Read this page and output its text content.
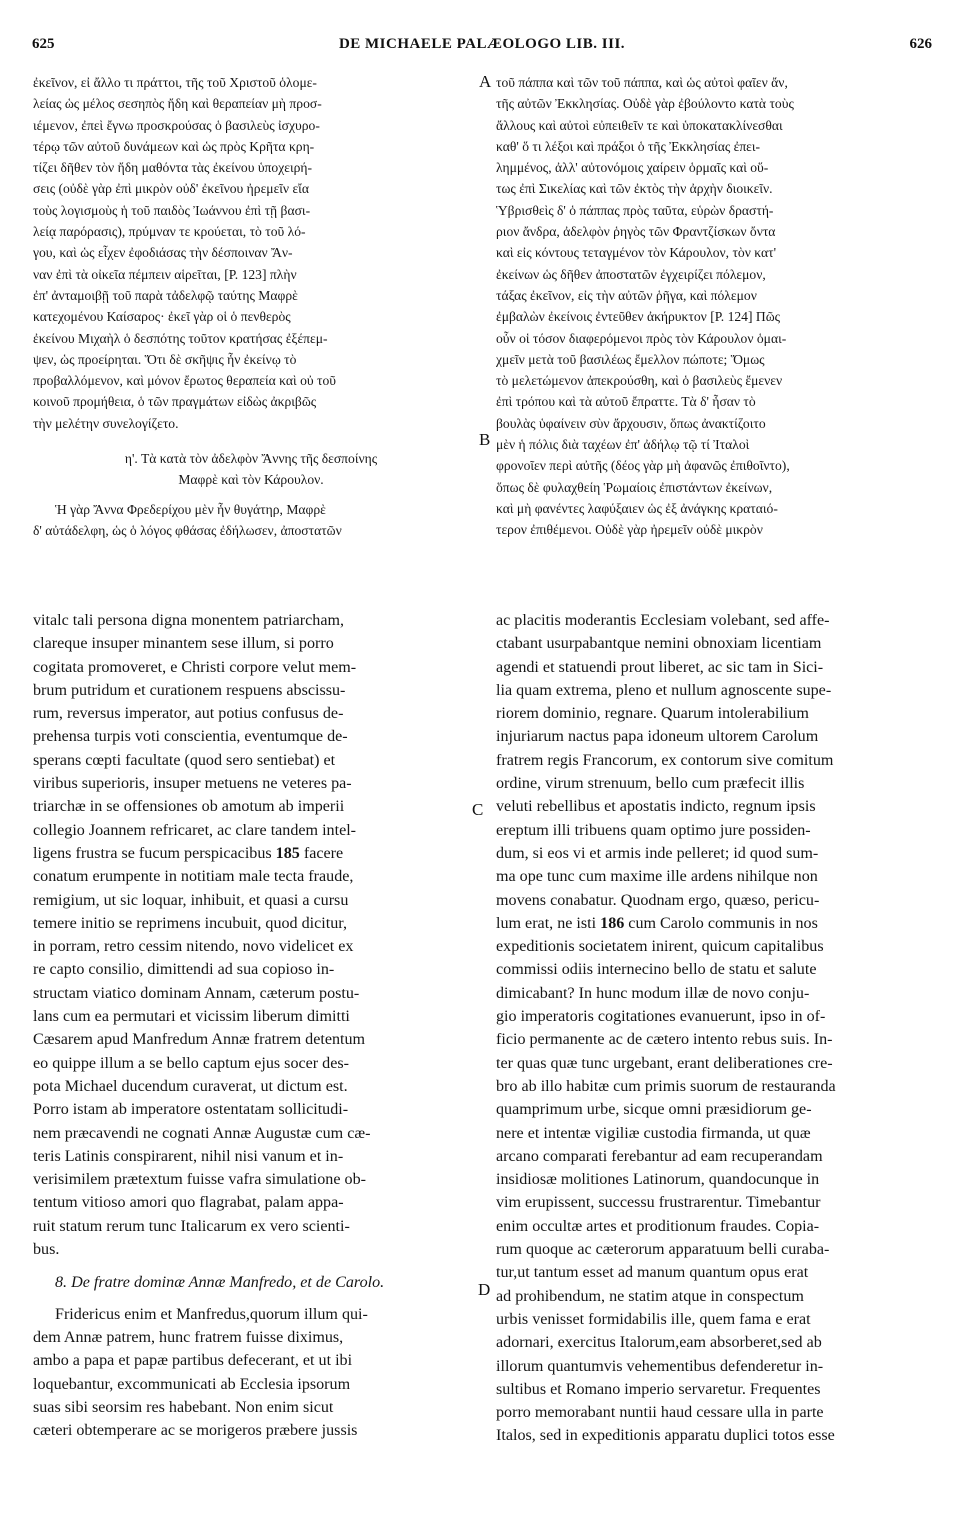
625	DE MICHAELE PALÆOLOGO LIB. III.	626
A
B
C
D
ἐκεῖνον, εἰ ἄλλο τι πράττοι, τῆς τοῦ Χριστοῦ ὁλομε-
λείας ὡς μέλος σεσηπὸς ἤδη καὶ θεραπείαν μὴ προσ-
ιέμενον, ἐπεὶ ἔγνω προσκρούσας ὁ βασιλεὺς ἰσχυρο-
τέρῳ τῶν αὐτοῦ δυνάμεων καὶ ὡς πρὸς Κρῆτα κρη-
τίζει δῆθεν τὸν ἤδη μαθόντα τὰς ἐκείνου ὑποχειρή-
σεις (οὐδὲ γὰρ ἐπὶ μικρὸν οὐδ' ἐκεῖνου ἠρεμεῖν εἴα
τοὺς λογισμοὺς ἡ τοῦ παιδὸς Ἰωάννου ἐπὶ τῇ βασι-
λείᾳ παρόρασις), πρύμναν τε κρούεται, τὸ τοῦ λό-
γου, καὶ ὡς εἶχεν ἐφοδιάσας τὴν δέσποιναν Ἄν-
ναν ἐπὶ τὰ οἰκεῖα πέμπειν αἱρεῖται, [P. 123] πλὴν
ἐπ' ἀνταμοιβῇ τοῦ παρὰ τἀδελφῷ ταύτης Μαφρὲ
κατεχομένου Καίσαρος· ἐκεῖ γὰρ οἱ ὁ πενθερὸς
ἐκείνου Μιχαὴλ ὁ δεσπότης τοῦτον κρατήσας ἐξέπεμ-
ψεν, ὡς προείρηται. Ὅτι δὲ σκῆψις ἦν ἐκείνῳ τὸ
προβαλλόμενον, καὶ μόνον ἔρωτος θεραπεία καὶ οὐ τοῦ
κοινοῦ προμήθεια, ὁ τῶν πραγμάτων εἰδὼς ἀκριβῶς
τὴν μελέτην συνελογίζετο.
η'. Τὰ κατὰ τὸν ἀδελφὸν Ἄννης τῆς δεσποίνης
Μαφρὲ καὶ τὸν Κάρουλον.
Ἡ γὰρ Ἄννα Φρεδερίχου μὲν ἦν θυγάτηρ, Μαφρὲ
δ' αὐτάδελφη, ὡς ὁ λόγος φθάσας ἐδήλωσεν, ἀποστατῶν
τοῦ πάππα καὶ τῶν τοῦ πάππα, καὶ ὡς αὐτοὶ φαῖεν ἄν,
τῆς αὐτῶν Ἐκκλησίας. Οὐδὲ γὰρ ἐβούλοντο κατὰ τοὺς
ἄλλους καὶ αὐτοὶ εὐπειθεῖν τε καὶ ὑποκατακλίνεσθαι
καθ' ὅ τι λέξοι καὶ πράξοι ὁ τῆς Ἐκκλησίας ἐπει-
λημμένος, ἀλλ' αὐτονόμοις χαίρειν ὁρμαῖς καὶ οὕ-
τως ἐπὶ Σικελίας καὶ τῶν ἐκτὸς τὴν ἀρχὴν διοικεῖν.
Ὑβρισθεὶς δ' ὁ πάππας πρὸς ταῦτα, εὑρὼν δραστή-
ριον ἄνδρα, ἀδελφὸν ῥηγὸς τῶν Φραντζίσκων ὄντα
καὶ εἰς κόντους τεταγμένον τὸν Κάρουλον, τὸν κατ'
ἐκείνων ὡς δῆθεν ἀποστατῶν ἐγχειρίζει πόλεμον,
τάξας ἐκεῖνον, εἰς τὴν αὐτῶν ῥῆγα, καὶ πόλεμον
ἐμβαλὼν ἐκείνοις ἐντεῦθεν ἀκήρυκτον [P. 124] Πῶς
οὖν οἱ τόσον διαφερόμενοι πρὸς τὸν Κάρουλον ὁμαι-
χμεῖν μετὰ τοῦ βασιλέως ἔμελλον πώποτε; Ὅμως
τὸ μελετώμενον ἀπεκρούσθη, καὶ ὁ βασιλεὺς ἔμενεν
ἐπὶ τρόπου καὶ τὰ αὐτοῦ ἔπραττε. Τὰ δ' ἦσαν τὸ
βουλὰς ὑφαίνειν σὺν ἄρχουσιν, ὅπως ἀνακτίζοιτο
μὲν ἡ πόλις διὰ ταχέων ἐπ' ἀδήλῳ τῷ τί Ἰταλοὶ
φρονοῖεν περὶ αὐτῆς (δέος γὰρ μὴ ἀφανῶς ἐπιθοῖντο),
ὅπως δὲ φυλαχθείη Ῥωμαίοις ἐπιστάντων ἐκείνων,
καὶ μὴ φανέντες λαφύξαιεν ὡς ἐξ ἀνάγκης κραταιό-
τερον ἐπιθέμενοι. Οὐδὲ γὰρ ἠρεμεῖν οὐδὲ μικρὸν
vitalc tali persona digna monentem patriarcham,
clareque insuper minantem sese illum, si porro
cogitata promoveret, e Christi corpore velut mem-
brum putridum et curationem respuens abscissu-
rum, reversus imperator, aut potius confusus de-
prehensa turpis voti conscientia, eventumque de-
sperans cœpti facultate (quod sero sentiebat) et
viribus superioris, insuper metuens ne veteres pa-
triarchæ in se offensiones ob amotum ab imperii
collegio Joannem refricaret, ac clare tandem intel-
ligens frustra se fucum perspicacibus 185 facere
conatum erumpente in notitiam male tecta fraude,
remigium, ut sic loquar, inhibuit, et quasi a cursu
temere initio se reprimens incubuit, quod dicitur,
in porram, retro cessim nitendo, novo videlicet ex
re capto consilio, dimittendi ad sua copioso in-
structam viatico dominam Annam, cæterum postu-
lans cum ea permutari et vicissim liberum dimitti
Cæsarem apud Manfredum Annæ fratrem detentum
eo quippe illum a se bello captum ejus socer des-
pota Michael ducendum curaverat, ut dictum est.
Porro istam ab imperatore ostentatam sollicitudi-
nem præcavendi ne cognati Annæ Augustæ cum cæ-
teris Latinis conspirarent, nihil nisi vanum et in-
verisimilem prætextum fuisse vafra simulatione ob-
tentum vitioso amori quo flagrabat, palam appa-
ruit statum rerum tunc Italicarum ex vero scienti-
bus.
8. De fratre dominæ Annæ Manfredo, et de Carolo.
Fridericus enim et Manfredus,quorum illum qui-
dem Annæ patrem, hunc fratrem fuisse diximus,
ambo a papa et papæ partibus defecerant, et ut ibi
loquebantur, excommunicati ab Ecclesia ipsorum
suas sibi seorsim res habebant. Non enim sicut
cæteri obtemperare ac se morigeros præbere jussis
ac placitis moderantis Ecclesiam volebant, sed affe-
ctabant usurpabantque nemini obnoxiam licentiam
agendi et statuendi prout liberet, ac sic tam in Sici-
lia quam extrema, pleno et nullum agnoscente supe-
riorem dominio, regnare. Quarum intolerabilium
injuriarum nactus papa idoneum ultorem Carolum
fratrem regis Francorum, ex contorum sive comitum
ordine, virum strenuum, bello cum præfecit illis
veluti rebellibus et apostatis indicto, regnum ipsis
ereptum illi tribuens quam optimo jure possiden-
dum, si eos vi et armis inde pelleret; id quod sum-
ma ope tunc cum maxime ille ardens nihilque non
movens conabatur. Quodnam ergo, quæso, pericu-
lum erat, ne isti 186 cum Carolo communis in nos
expeditionis societatem inirent, quicum capitalibus
commissi odiis internecino bello de statu et salute
dimicabant? In hunc modum illæ de novo conju-
gio imperatoris cogitationes evanuerunt, ipso in of-
ficio permanente ac de cætero intento rebus suis. In-
ter quas quæ tunc urgebant, erant deliberationes cre-
bro ab illo habitæ cum primis suorum de restauranda
quamprimum urbe, sicque omni præsidiorum ge-
nere et intentæ vigiliæ custodia firmanda, ut quæ
arcano comparati ferebantur ad eam recuperandam
insidiosæ molitiones Latinorum, quandocunque in
vim erupissent, successu frustrarentur. Timebantur
enim occultæ artes et proditionum fraudes. Copia-
rum quoque ac cæterorum apparatuum belli curaba-
tur,ut tantum esset ad manum quantum opus erat
ad prohibendum, ne statim atque in conspectum
urbis venisset formidabilis ille, quem fama e erat
adornari, exercitus Italorum,eam absorberet,sed ab
illorum quantumvis vehementibus defenderetur in-
sultibus et Romano imperio servaretur. Frequentes
porro memorabant nuntii haud cessare ulla in parte
Italos, sed in expeditionis apparatu duplici totos esse
